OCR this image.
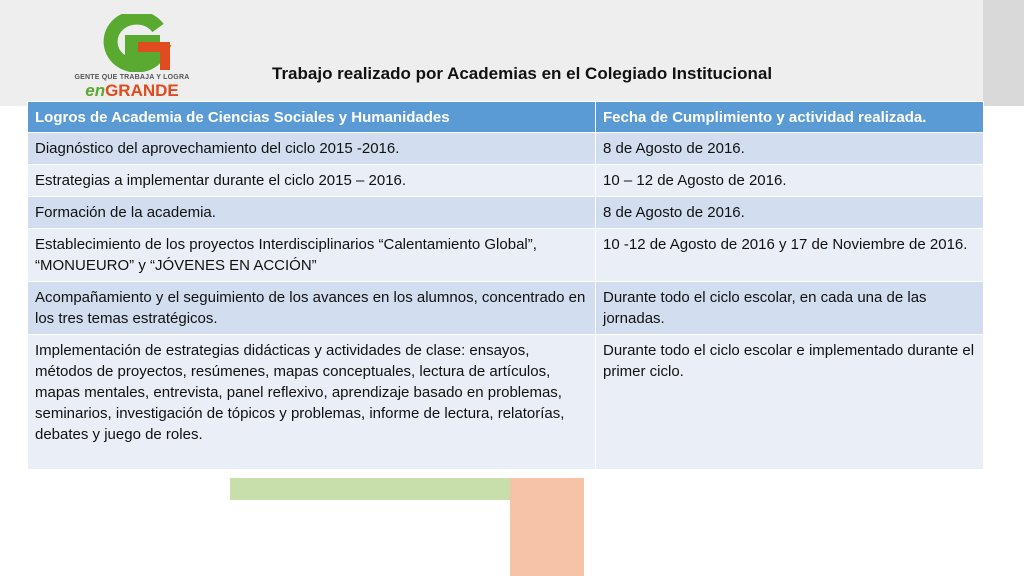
GENTE QUE TRABAJA Y LOGRA
enGRANDE
Trabajo realizado por Academias en el Colegiado Institucional
Logros de Academia de Ciencias Sociales y Humanidades	Fecha de Cumplimiento y actividad realizada.
Diagnóstico del aprovechamiento del ciclo 2015 -2016.	8 de Agosto de 2016.
Estrategias a implementar durante el ciclo 2015 – 2016.	10 – 12 de Agosto de 2016.
Formación de la academia.	8 de Agosto de 2016.
Establecimiento de los proyectos Interdisciplinarios “Calentamiento Global”, “MONUEURO” y “JÓVENES EN ACCIÓN”	10 -12 de Agosto de 2016 y 17 de Noviembre de 2016.
Acompañamiento y el seguimiento de los avances en los alumnos, concentrado en los tres temas estratégicos.	Durante todo el ciclo escolar, en cada una de las jornadas.
Implementación de estrategias didácticas y actividades de clase: ensayos, métodos de proyectos, resúmenes, mapas conceptuales, lectura de artículos, mapas mentales, entrevista, panel reflexivo, aprendizaje basado en problemas, seminarios, investigación de tópicos y problemas, informe de lectura, relatorías, debates y juego de roles.	Durante todo el ciclo escolar e implementado durante el primer ciclo.
